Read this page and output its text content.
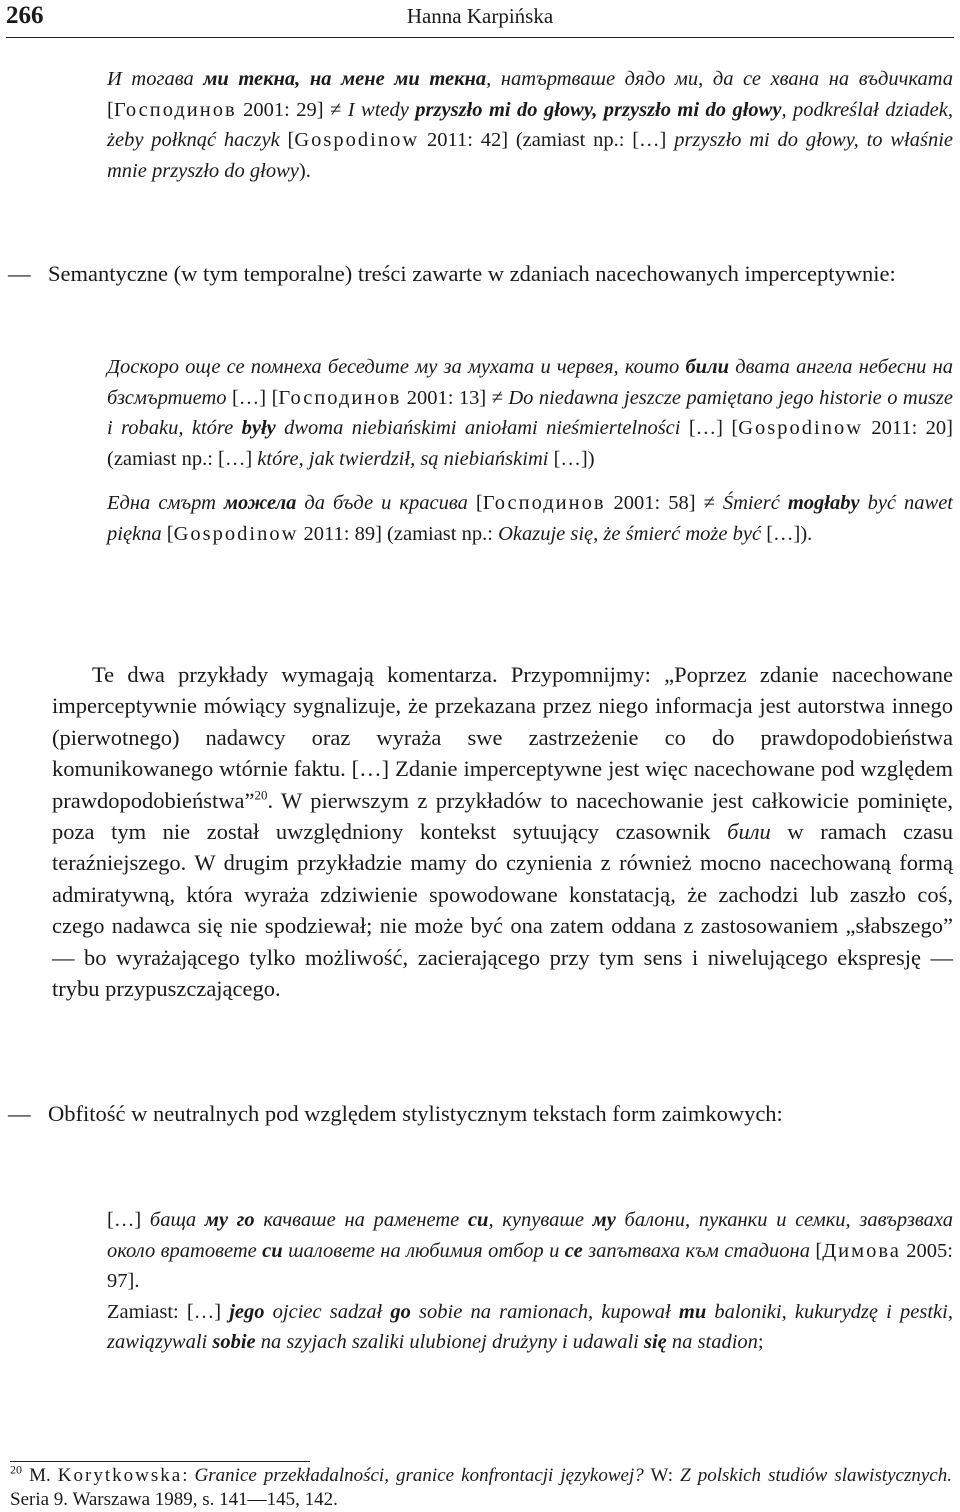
266	Hanna Karpińska

И тогава ми текна, на мене ми текна, натъртваше дядо ми, да се хвана на въдичката [Господинов 2001: 29] ≠ I wtedy przyszło mi do głowy, przyszło mi do głowy, podkreślał dziadek, żeby połknąć haczyk [Gospodinow 2011: 42] (zamiast np.: […] przyszło mi do głowy, to właśnie mnie przyszło do głowy).

— Semantyczne (w tym temporalne) treści zawarte w zdaniach nacechowanych imperceptywnie:

Доскоро още се помнеха беседите му за мухата и червея, които били двата ангела небесни на бзсмъртието […] [Господинов 2001: 13] ≠ Do niedawna jeszcze pamiętano jego historie o musze i robaku, które były dwoma niebiańskimi aniołami nieśmiertelności […] [Gospodinow 2011: 20] (zamiast np.: […] które, jak twierdził, są niebiańskimi […])

Една смърт можела да бъде и красива [Господинов 2001: 58] ≠ Śmierć mogłaby być nawet piękna [Gospodinow 2011: 89] (zamiast np.: Okazuje się, że śmierć może być […]).

Te dwa przykłady wymagają komentarza. Przypomnijmy: „Poprzez zdanie nacechowane imperceptywnie mówiący sygnalizuje, że przekazana przez niego informacja jest autorstwa innego (pierwotnego) nadawcy oraz wyraża swe zastrzeżenie co do prawdopodobieństwa komunikowanego wtórnie faktu. […] Zdanie imperceptywne jest więc nacechowane pod względem prawdopodobieństwa”$^{20}$. W pierwszym z przykładów to nacechowanie jest całkowicie pominięte, poza tym nie został uwzględniony kontekst sytuujący czasownik били w ramach czasu teraźniejszego. W drugim przykładzie mamy do czynienia z również mocno nacechowaną formą admiratywną, która wyraża zdziwienie spowodowane konstatacją, że zachodzi lub zaszło coś, czego nadawca się nie spodziewał; nie może być ona zatem oddana z zastosowaniem „słabszego” — bo wyrażającego tylko możliwość, zacierającego przy tym sens i niwelującego ekspresję — trybu przypuszczającego.

— Obfitość w neutralnych pod względem stylistycznym tekstach form zaimkowych:

[…] бащa му го качваше на раменете си, купуваше му балони, пуканки и семки, завързваха около вратовете си шаловете на любимия отбор и се запътваха към стадиона [Димова 2005: 97].

Zamiast: […] jego ojciec sadzał go sobie na ramionach, kupował mu baloniki, kukurydzę i pestki, zawiązywali sobie na szyjach szaliki ulubionej drużyny i udawali się na stadion;

$^{20}$ M. Korytkowska: Granice przekładalności, granice konfrontacji językowej? W: Z polskich studiów slawistycznych. Seria 9. Warszawa 1989, s. 141—145, 142.
